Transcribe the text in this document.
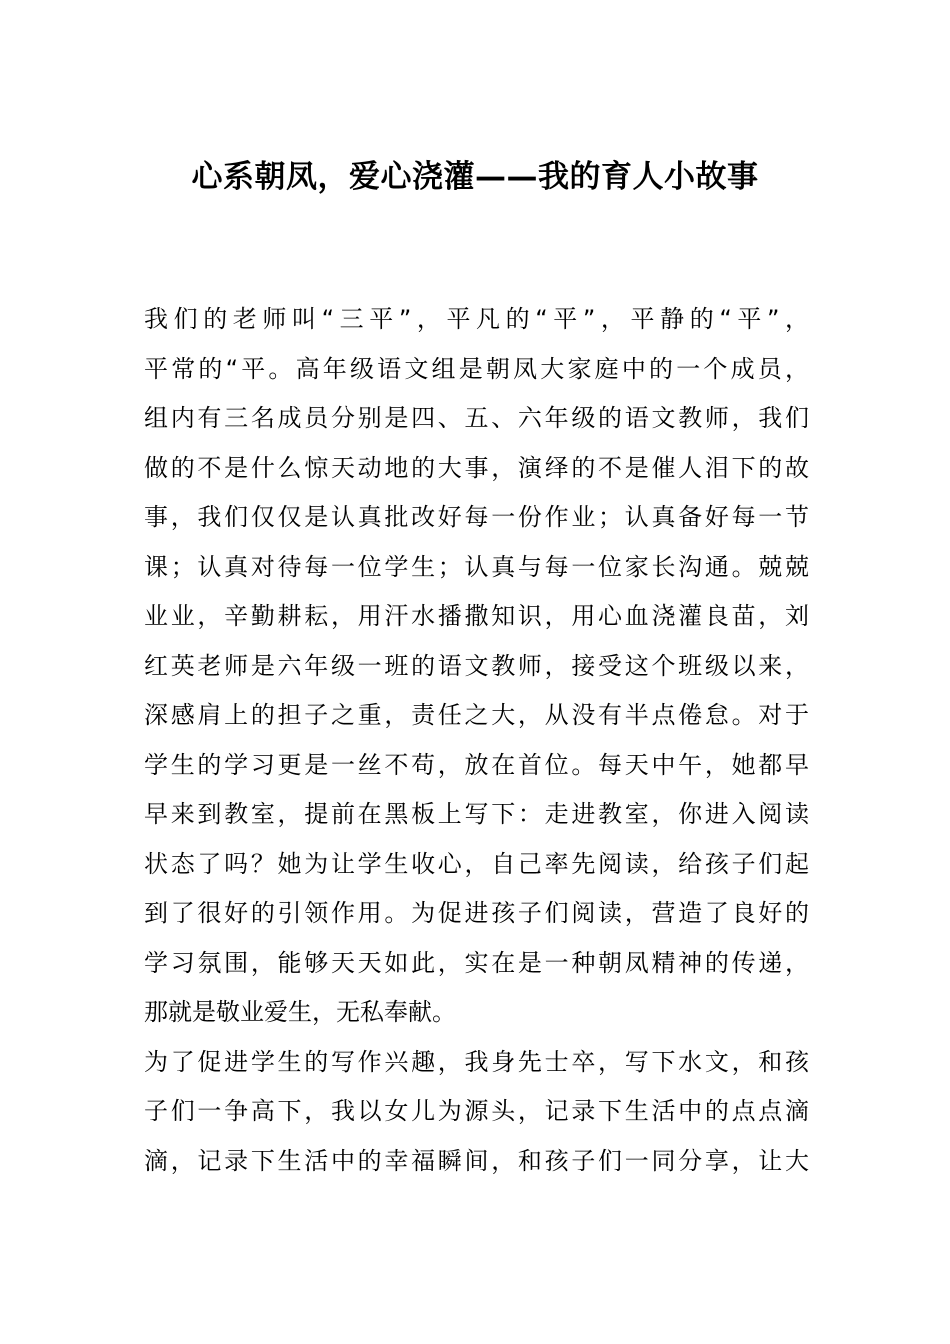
心系朝凤，爱心浇灌——我的育人小故事
我们的老师叫“三平”，平凡的“平”，平静的“平”，
平常的“平。高年级语文组是朝凤大家庭中的一个成员，
组内有三名成员分别是四、五、六年级的语文教师，我们
做的不是什么惊天动地的大事，演绎的不是催人泪下的故
事，我们仅仅是认真批改好每一份作业；认真备好每一节
课；认真对待每一位学生；认真与每一位家长沟通。兢兢
业业，辛勤耕耘，用汗水播撒知识，用心血浇灌良苗，刘
红英老师是六年级一班的语文教师，接受这个班级以来，
深感肩上的担子之重，责任之大，从没有半点倦怠。对于
学生的学习更是一丝不苟，放在首位。每天中午，她都早
早来到教室，提前在黑板上写下：走进教室，你进入阅读
状态了吗？她为让学生收心，自己率先阅读，给孩子们起
到了很好的引领作用。为促进孩子们阅读，营造了良好的
学习氛围，能够天天如此，实在是一种朝凤精神的传递，
那就是敬业爱生，无私奉献。
为了促进学生的写作兴趣，我身先士卒，写下水文，和孩
子们一争高下，我以女儿为源头，记录下生活中的点点滴
滴，记录下生活中的幸福瞬间，和孩子们一同分享，让大
